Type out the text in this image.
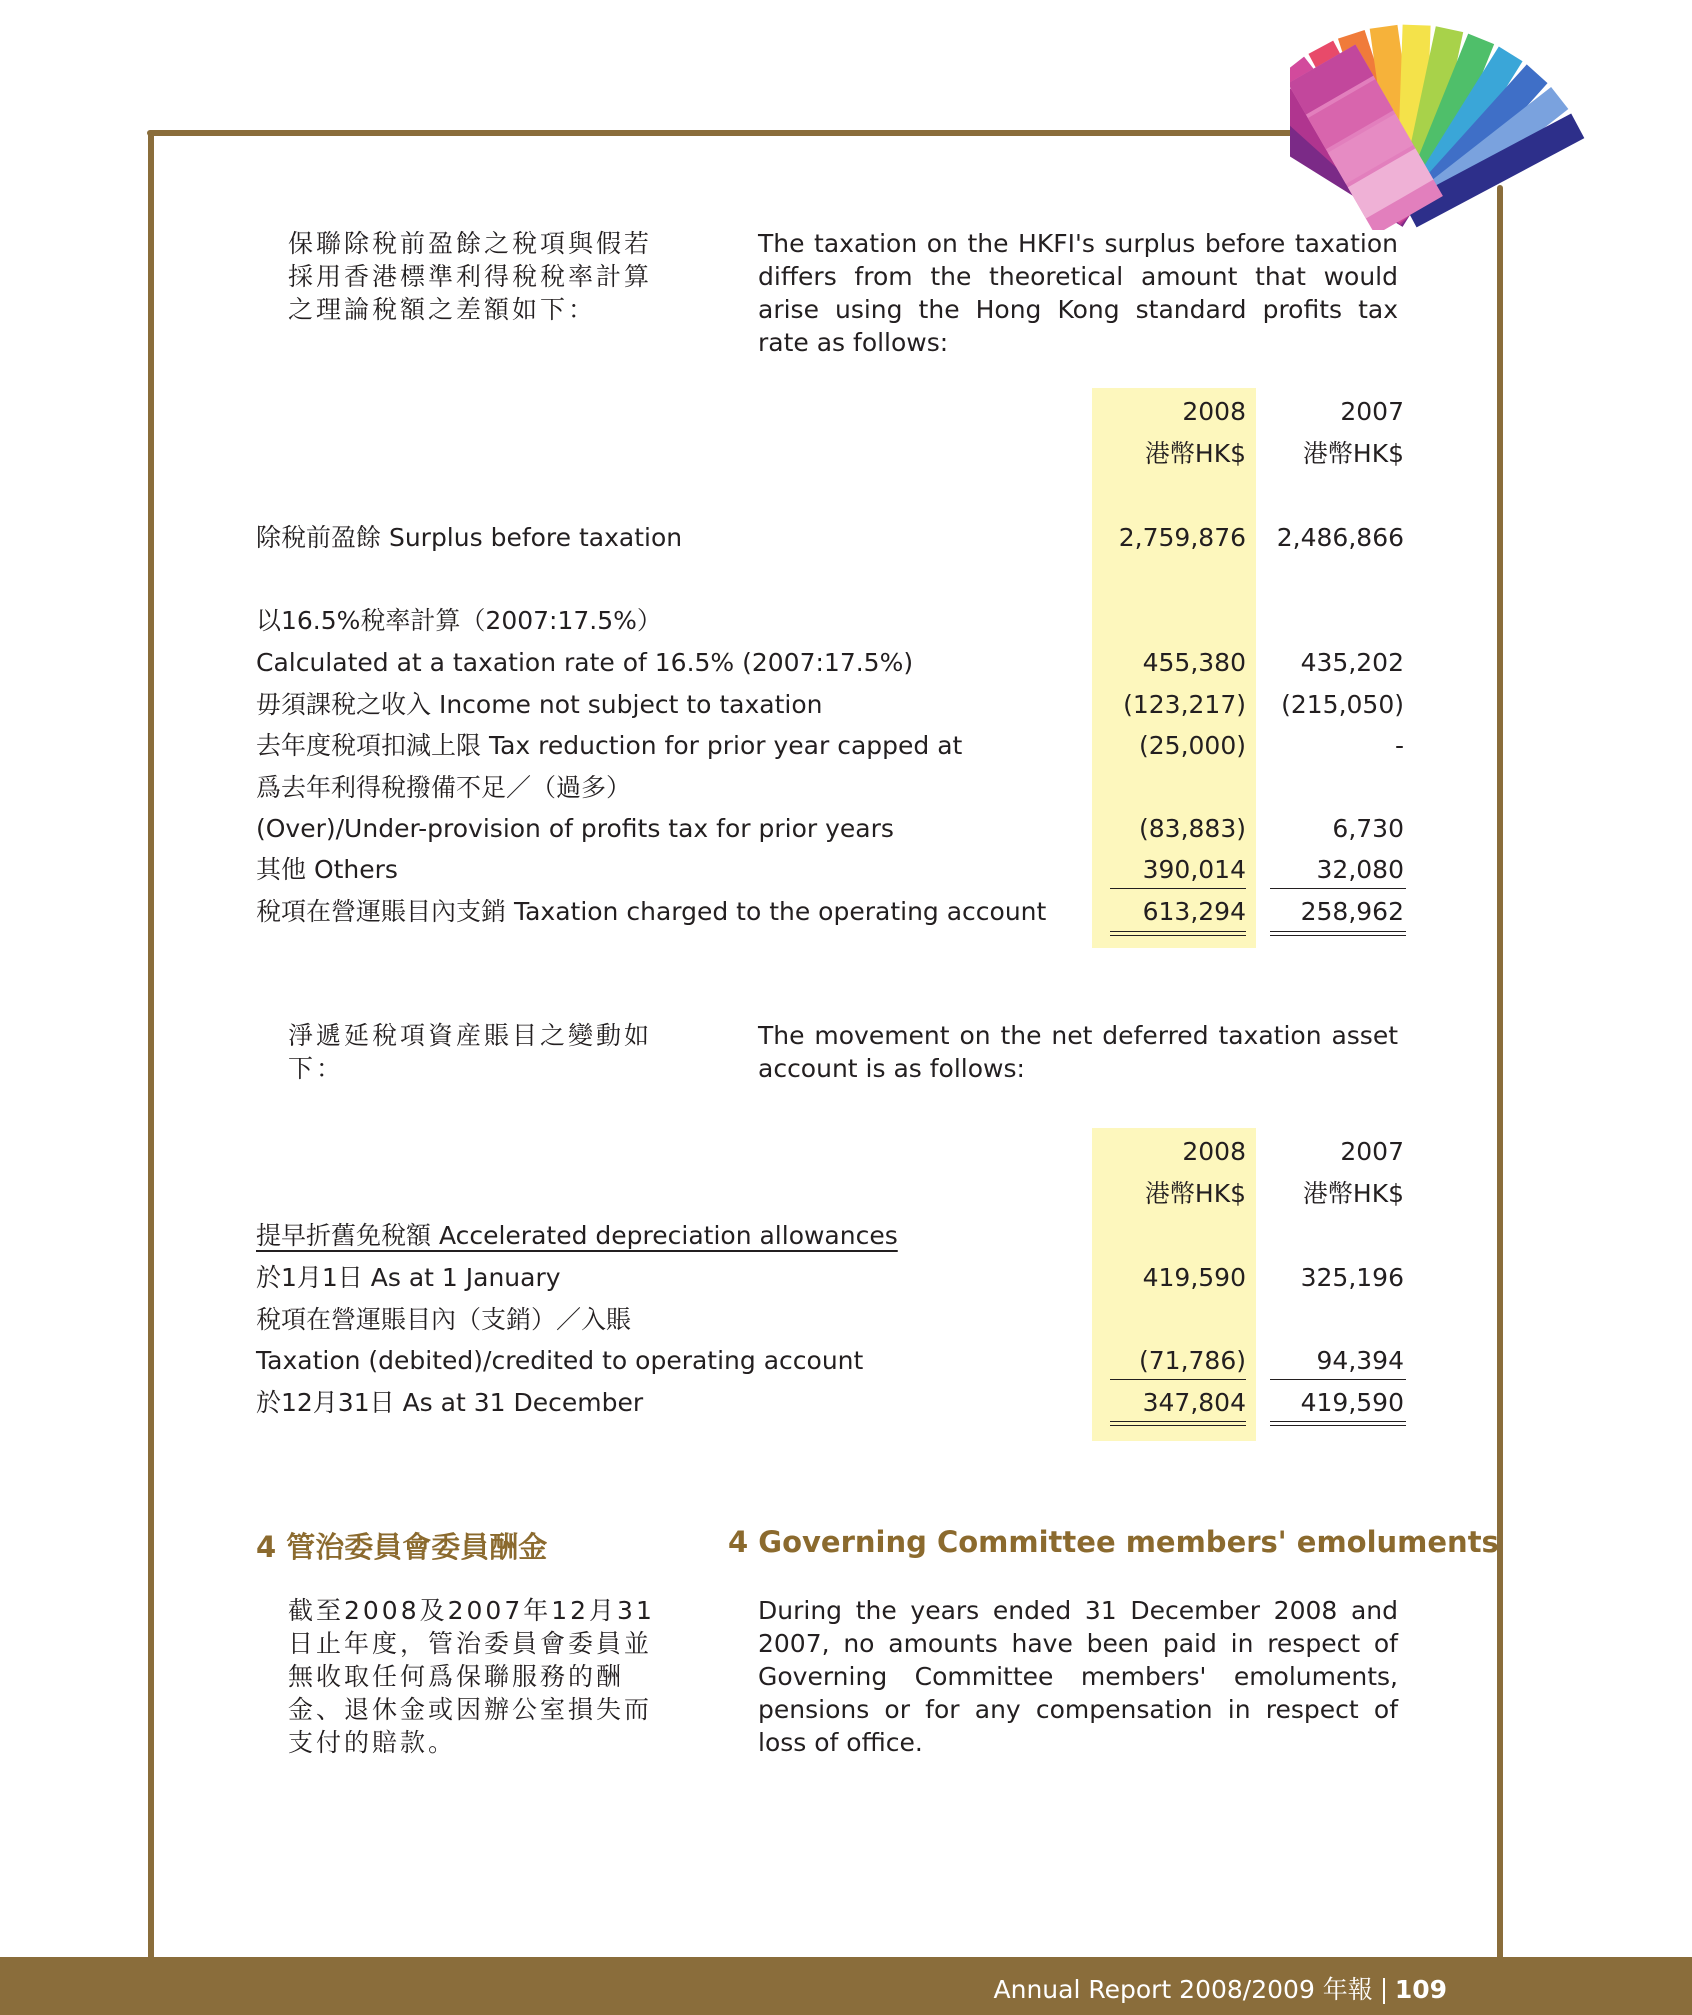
保聯除稅前盈餘之稅項與假若採用香港標準利得稅稅率計算之理論稅額之差額如下：
The taxation on the HKFI's surplus before taxation differs from the theoretical amount that would arise using the Hong Kong standard profits tax rate as follows:
2008	2007
港幣HK$	港幣HK$
除稅前盈餘 Surplus before taxation	2,759,876	2,486,866
以16.5%稅率計算（2007:17.5%）
Calculated at a taxation rate of 16.5% (2007:17.5%)	455,380	435,202
毋須課稅之收入 Income not subject to taxation	(123,217)	(215,050)
去年度稅項扣減上限 Tax reduction for prior year capped at	(25,000)	-
爲去年利得稅撥備不足／（過多）
(Over)/Under-provision of profits tax for prior years	(83,883)	6,730
其他 Others	390,014	32,080
稅項在營運賬目內支銷 Taxation charged to the operating account	613,294	258,962
淨遞延稅項資産賬目之變動如下：
The movement on the net deferred taxation asset account is as follows:
2008	2007
港幣HK$	港幣HK$
提早折舊免稅額 Accelerated depreciation allowances
於1月1日 As at 1 January	419,590	325,196
稅項在營運賬目內（支銷）／入賬
Taxation (debited)/credited to operating account	(71,786)	94,394
於12月31日 As at 31 December	347,804	419,590
4 管治委員會委員酬金	4 Governing Committee members' emoluments
截至2008及2007年12月31日止年度，管治委員會委員並無收取任何爲保聯服務的酬金、退休金或因辦公室損失而支付的賠款。
During the years ended 31 December 2008 and 2007, no amounts have been paid in respect of Governing Committee members' emoluments, pensions or for any compensation in respect of loss of office.
Annual Report 2008/2009 年報 109
